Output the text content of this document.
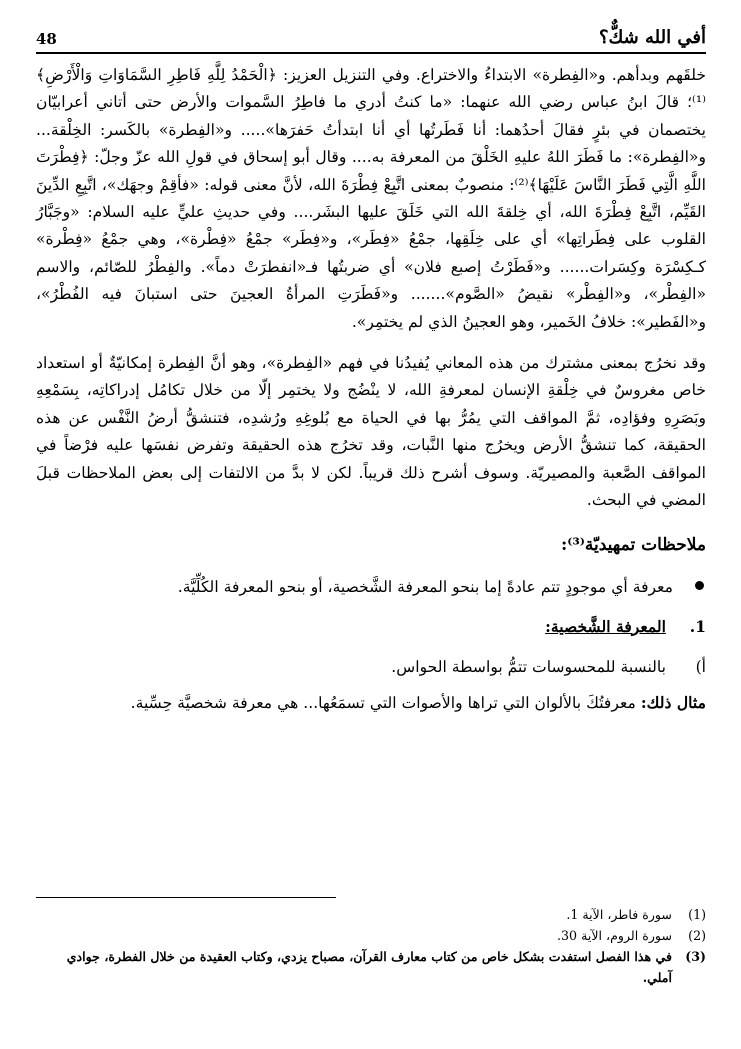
أفي الله شكٌّ؟
48

خلقَهم وبدأهم. و«الفِطرة» الابتداءُ والاختراع. وفي التنزيل العزيز: ﴿الْحَمْدُ لِلَّهِ فَاطِرِ السَّمَاوَاتِ وَالْأَرْضِ﴾⁽¹⁾؛ قالَ ابنُ عباس رضي الله عنهما: «ما كنتُ أدري ما فاطِرُ السَّموات والأرض حتى أتاني أعرابيّان يختصمان في بئرٍ فقالَ أحدُهما: أنا فَطَرتُها أي أنا ابتدأتُ حَفرَها»..... و«الفِطرة» بالكَسر: الخِلْقة... و«الفِطرة»: ما فَطَرَ اللهُ عليهِ الخَلْقَ من المعرفة به.... وقال أبو إسحاق في قولِ الله عزّ وجلّ: ﴿فِطْرَتَ اللَّهِ الَّتِي فَطَرَ النَّاسَ عَلَيْهَا﴾⁽²⁾: منصوبٌ بمعنى اتَّبِعْ فِطْرَةَ الله، لأنَّ معنى قوله: «فأقِمْ وجهَك»، اتَّبِعِ الدِّينَ القَيِّم، اتَّبِعْ فِطْرَةَ الله، أي خِلقةَ الله التي خَلَقَ عليها البشَر.... وفي حديثِ عليٍّ عليه السلام: «وجَبَّارُ القلوب على فِطَراتِها» أي على خِلَقِها، جمْعُ «فِطَر»، و«فِطَر» جمْعُ «فِطْرة»، وهي جمْعُ «فِطْرة» كـكِسْرَة وكِسَرات...... و«فَطَرْتُ إصبع فلان» أي ضربتُها فـ«انفطرَتْ دماً». والفِطْرُ للصّائم، والاسم «الفِطْر»، و«الفِطْر» نقيضُ «الصَّوم»....... و«فَطَرَتِ المرأةُ العجينَ حتى استبانَ فيه الفُطْرُ»، و«الفَطير»: خلافُ الخَمير، وهو العجينُ الذي لم يختمِر».

وقد نخرُج بمعنى مشترك من هذه المعاني يُفيدُنا في فهم «الفِطرة»، وهو أنَّ الفِطرة إمكانيّةٌ أو استعداد خاص مغروسٌ في خِلْقةِ الإنسان لمعرفةِ الله، لا ينْضُج ولا يختمِر إلّا من خلال تكامُل إدراكاتِه، بِسَمْعِهِ وبَصَرِهِ وفؤادِه، ثمَّ المواقف التي يمُرُّ بها في الحياة مع بُلوغِهِ ورُشدِه، فتنشقُّ أرضُ النَّفْس عن هذه الحقيقة، كما تنشقُّ الأرض ويخرُج منها النَّبات، وقد تخرُج هذه الحقيقة وتفرض نفسَها عليه فرْضاً في المواقف الصَّعبة والمصيريّة. وسوف أشرح ذلك قريباً. لكن لا بدَّ من الالتفات إلى بعض الملاحظات قبلَ المضي في البحث.

ملاحظات تمهيديّة⁽³⁾:
معرفة أي موجودٍ تتم عادةً إما بنحو المعرفة الشَّخصية، أو بنحو المعرفة الكُلِّيَّة.
1.
المعرفة الشَّخصية:
أ)
بالنسبة للمحسوسات تتمُّ بواسطة الحواس.

مثال ذلك: معرفتُكَ بالألوان التي تراها والأصوات التي تسمَعُها... هي معرفة شخصيَّة حِسِّية.

(1)
سورة فاطر، الآية 1.
(2)
سورة الروم، الآية 30.
(3)
في هذا الفصل استفدت بشكل خاص من كتاب معارف القرآن، مصباح يزدي، وكتاب العقيدة من خلال الفطرة، جوادي آملي.
